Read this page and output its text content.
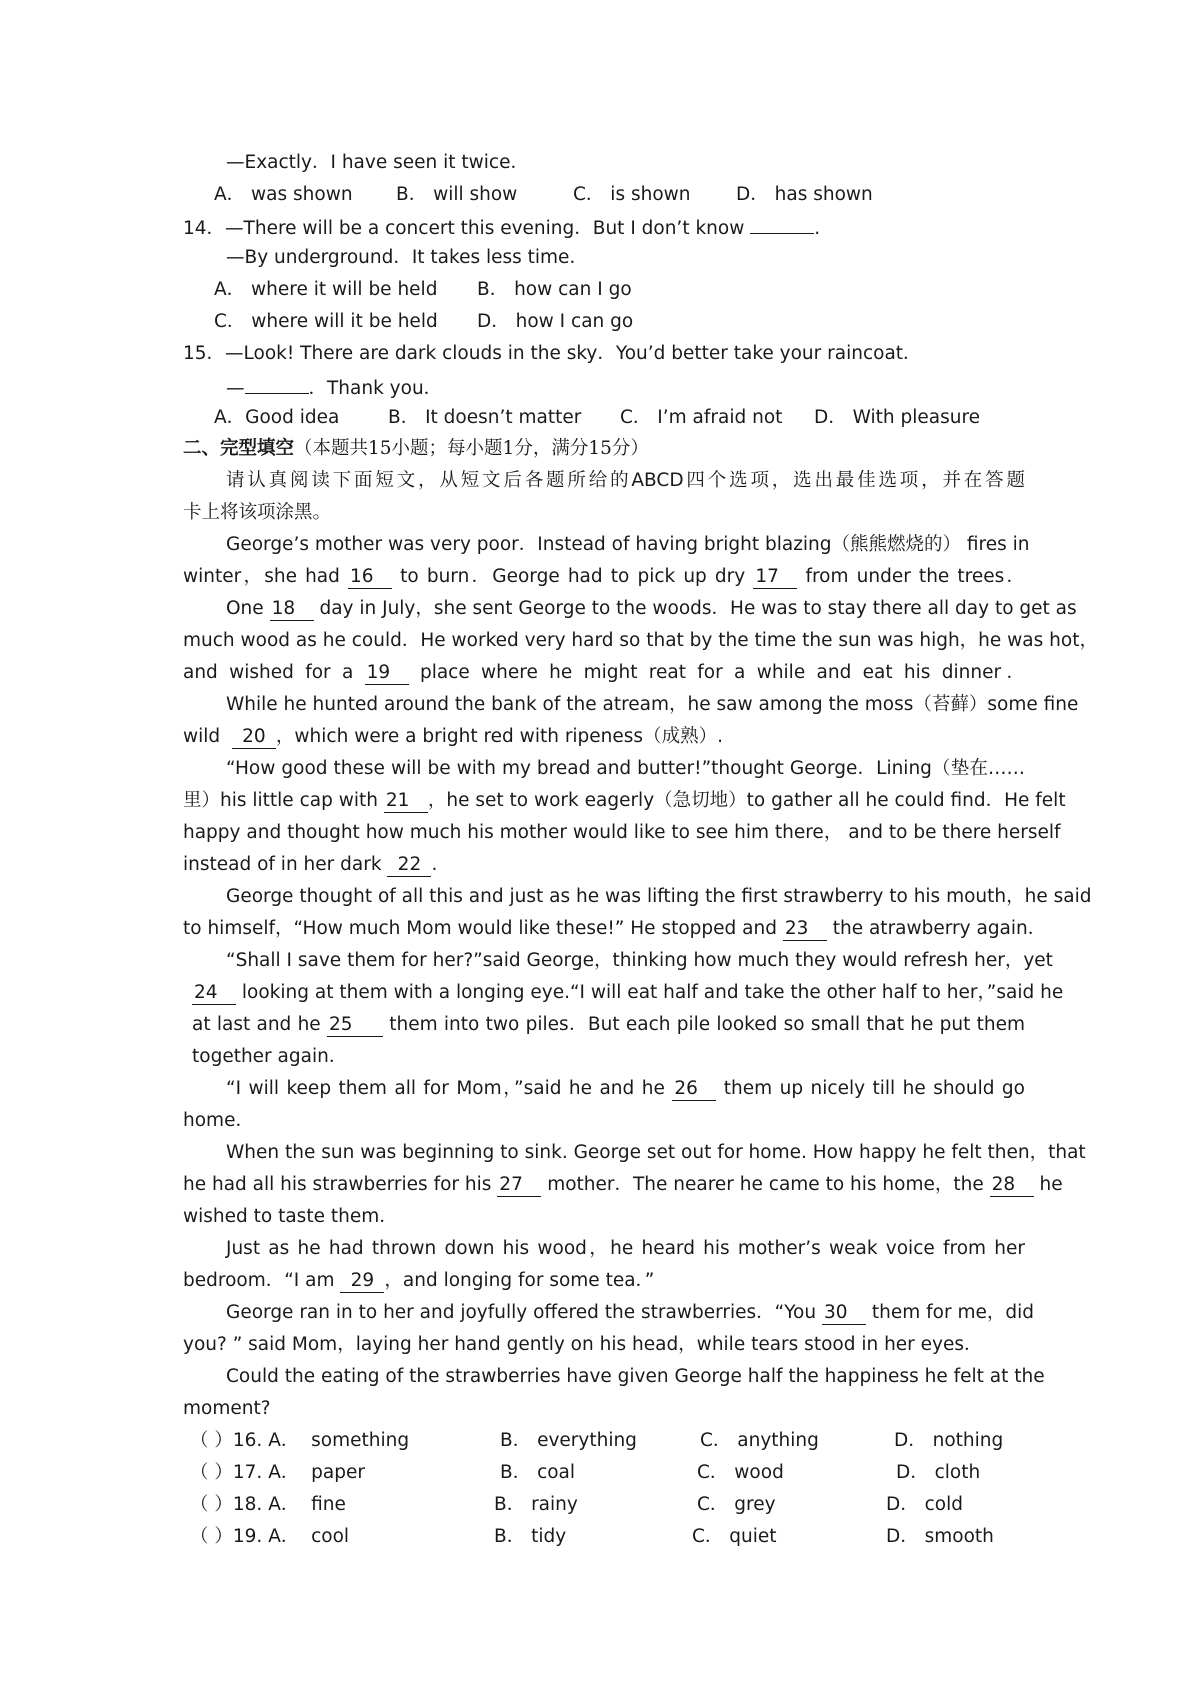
—Exactly．I have seen it twice．
A． was shown B． will show	C． is shown D． has shown
14．—There will be a concert this evening．But I don’t know	.
—By underground．It takes less time．
A． where it will be held B． how can I go
C． where will it be held D． how I can go
15．—Look! There are dark clouds in the sky．You’d better take your raincoat．
—	．Thank you．
A．Good idea	B． It doesn’t matter C． I’m afraid not D． With pleasure
二、完型填空（本题共15小题；每小题1分，满分15分）
请认真阅读下面短文，从短文后各题所给的ABCD四个选项，选出最佳选项，并在答题
卡上将该项涂黑。
George’s mother was very poor．Instead of having bright blazing（熊熊燃烧的） fires in
winter，she had 16 to burn．George had to pick up dry 17 from under the trees．
One 18 day in July，she sent George to the woods．He was to stay there all day to get as
much wood as he could．He worked very hard so that by the time the sun was high，he was hot，
and wished for a 19 place where he might reat for a while and eat his dinner．
While he hunted around the bank of the atream，he saw among the moss（苔藓）some fine
wild 20 ，which were a bright red with ripeness（成熟）.
“How good these will be with my bread and butter!”thought George．Lining（垫在……
里）his little cap with 21 ，he set to work eagerly（急切地）to gather all he could find．He felt
happy and thought how much his mother would like to see him there， and to be there herself
instead of in her dark 22 .
George thought of all this and just as he was lifting the first strawberry to his mouth，he said
to himself，“How much Mom would like these!” He stopped and 23 the atrawberry again．
“Shall I save them for her?”said George，thinking how much they would refresh her，yet
24 looking at them with a longing eye.“I will eat half and take the other half to her，”said he
at last and he 25 them into two piles．But each pile looked so small that he put them
together again．
“I will keep them all for Mom，”said he and he 26 them up nicely till he should go
home．
When the sun was beginning to sink. George set out for home. How happy he felt then，that
he had all his strawberries for his 27 mother．The nearer he came to his home，the 28 he
wished to taste them．
Just as he had thrown down his wood，he heard his mother’s weak voice from her
bedroom．“I am 29 ，and longing for some tea．”
George ran in to her and joyfully offered the strawberries．“You 30 them for me，did
you? ” said Mom，laying her hand gently on his head，while tears stood in her eyes．
Could the eating of the strawberries have given George half the happiness he felt at the
moment?
（ ）16. A． something	B． everything	C． anything	D． nothing
（ ）17. A． paper	B． coal	C． wood	D． cloth
（ ）18. A． fine	B． rainy	C． grey	D． cold
（ ）19. A． cool	B． tidy	C． quiet	D． smooth
